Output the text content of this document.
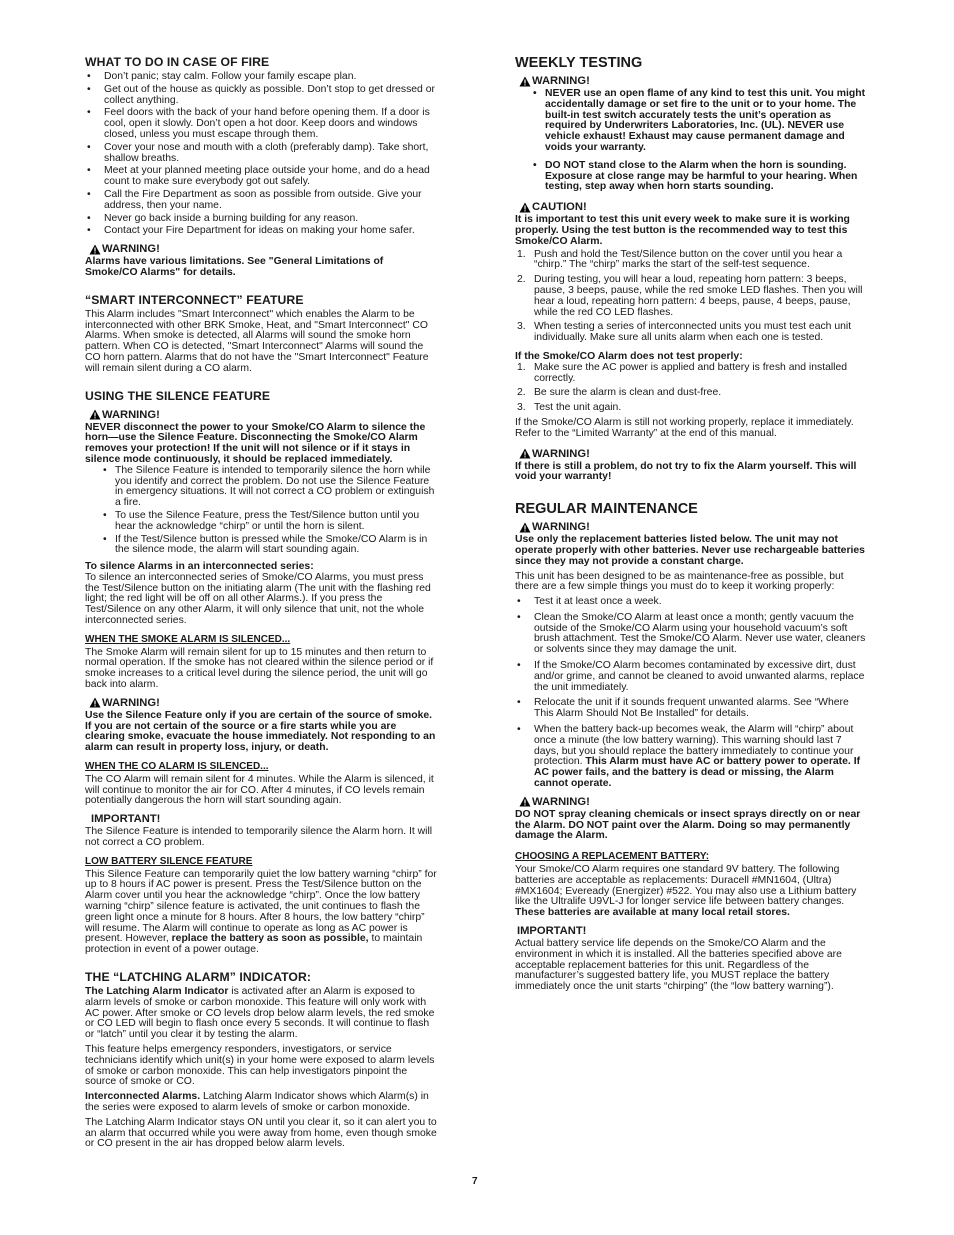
WHAT TO DO IN CASE OF FIRE
• Don’t panic; stay calm. Follow your family escape plan.
• Get out of the house as quickly as possible. Don’t stop to get dressed or collect anything.
• Feel doors with the back of your hand before opening them. If a door is cool, open it slowly. Don’t open a hot door. Keep doors and windows closed, unless you must escape through them.
• Cover your nose and mouth with a cloth (preferably damp). Take short, shallow breaths.
• Meet at your planned meeting place outside your home, and do a head count to make sure everybody got out safely.
• Call the Fire Department as soon as possible from outside. Give your address, then your name.
• Never go back inside a burning building for any reason.
• Contact your Fire Department for ideas on making your home safer.
WARNING!

Alarms have various limitations. See "General Limitations of Smoke/CO Alarms" for details.

“SMART INTERCONNECT” FEATURE

This Alarm includes "Smart Interconnect" which enables the Alarm to be interconnected with other BRK Smoke, Heat, and "Smart Interconnect" CO Alarms. When smoke is detected, all Alarms will sound the smoke horn pattern. When CO is detected, "Smart Interconnect" Alarms will sound the CO horn pattern. Alarms that do not have the "Smart Interconnect" Feature will remain silent during a CO alarm.

USING THE SILENCE FEATURE
WARNING!

NEVER disconnect the power to your Smoke/CO Alarm to silence the horn—use the Silence Feature. Disconnecting the Smoke/CO Alarm removes your protection! If the unit will not silence or if it stays in silence mode continuously, it should be replaced immediately.

• The Silence Feature is intended to temporarily silence the horn while you identify and correct the problem. Do not use the Silence Feature in emergency situations. It will not correct a CO problem or extinguish a fire.
• To use the Silence Feature, press the Test/Silence button until you hear the acknowledge “chirp” or until the horn is silent.
• If the Test/Silence button is pressed while the Smoke/CO Alarm is in the silence mode, the alarm will start sounding again.

To silence Alarms in an interconnected series:

To silence an interconnected series of Smoke/CO Alarms, you must press the Test/Silence button on the initiating alarm (The unit with the flashing red light; the red light will be off on all other Alarms.). If you press the Test/Silence on any other Alarm, it will only silence that unit, not the whole interconnected series.

WHEN THE SMOKE ALARM IS SILENCED...

The Smoke Alarm will remain silent for up to 15 minutes and then return to normal operation. If the smoke has not cleared within the silence period or if smoke increases to a critical level during the silence period, the unit will go back into alarm.

WARNING!

Use the Silence Feature only if you are certain of the source of smoke. If you are not certain of the source or a fire starts while you are clearing smoke, evacuate the house immediately. Not responding to an alarm can result in property loss, injury, or death.

WHEN THE CO ALARM IS SILENCED...

The CO Alarm will remain silent for 4 minutes. While the Alarm is silenced, it will continue to monitor the air for CO. After 4 minutes, if CO levels remain potentially dangerous the horn will start sounding again.

IMPORTANT!

The Silence Feature is intended to temporarily silence the Alarm horn. It will not correct a CO problem.

LOW BATTERY SILENCE FEATURE

This Silence Feature can temporarily quiet the low battery warning “chirp” for up to 8 hours if AC power is present. Press the Test/Silence button on the Alarm cover until you hear the acknowledge “chirp”. Once the low battery warning “chirp” silence feature is activated, the unit continues to flash the green light once a minute for 8 hours. After 8 hours, the low battery “chirp” will resume. The Alarm will continue to operate as long as AC power is present. However, replace the battery as soon as possible, to maintain protection in event of a power outage.

THE “LATCHING ALARM” INDICATOR:

The Latching Alarm Indicator is activated after an Alarm is exposed to alarm levels of smoke or carbon monoxide. This feature will only work with AC power. After smoke or CO levels drop below alarm levels, the red smoke or CO LED will begin to flash once every 5 seconds. It will continue to flash or “latch” until you clear it by testing the alarm.

This feature helps emergency responders, investigators, or service technicians identify which unit(s) in your home were exposed to alarm levels of smoke or carbon monoxide. This can help investigators pinpoint the source of smoke or CO.

Interconnected Alarms. Latching Alarm Indicator shows which Alarm(s) in the series were exposed to alarm levels of smoke or carbon monoxide.

The Latching Alarm Indicator stays ON until you clear it, so it can alert you to an alarm that occurred while you were away from home, even though smoke or CO present in the air has dropped below alarm levels.

WEEKLY TESTING
WARNING!
• NEVER use an open flame of any kind to test this unit. You might accidentally damage or set fire to the unit or to your home. The built-in test switch accurately tests the unit’s operation as required by Underwriters Laboratories, Inc. (UL). NEVER use vehicle exhaust! Exhaust may cause permanent damage and voids your warranty.
• DO NOT stand close to the Alarm when the horn is sounding. Exposure at close range may be harmful to your hearing. When testing, step away when horn starts sounding.
CAUTION!

It is important to test this unit every week to make sure it is working properly. Using the test button is the recommended way to test this Smoke/CO Alarm.

1. Push and hold the Test/Silence button on the cover until you hear a “chirp.” The “chirp” marks the start of the self-test sequence.
2. During testing, you will hear a loud, repeating horn pattern: 3 beeps, pause, 3 beeps, pause, while the red smoke LED flashes. Then you will hear a loud, repeating horn pattern: 4 beeps, pause, 4 beeps, pause, while the red CO LED flashes.
3. When testing a series of interconnected units you must test each unit individually. Make sure all units alarm when each one is tested.

If the Smoke/CO Alarm does not test properly:

1. Make sure the AC power is applied and battery is fresh and installed correctly.
2. Be sure the alarm is clean and dust-free.
3. Test the unit again.

If the Smoke/CO Alarm is still not working properly, replace it immediately. Refer to the “Limited Warranty” at the end of this manual.

WARNING!

If there is still a problem, do not try to fix the Alarm yourself. This will void your warranty!

REGULAR MAINTENANCE
WARNING!

Use only the replacement batteries listed below. The unit may not operate properly with other batteries. Never use rechargeable batteries since they may not provide a constant charge.

This unit has been designed to be as maintenance-free as possible, but there are a few simple things you must do to keep it working properly:

• Test it at least once a week.
• Clean the Smoke/CO Alarm at least once a month; gently vacuum the outside of the Smoke/CO Alarm using your household vacuum’s soft brush attachment. Test the Smoke/CO Alarm. Never use water, cleaners or solvents since they may damage the unit.
• If the Smoke/CO Alarm becomes contaminated by excessive dirt, dust and/or grime, and cannot be cleaned to avoid unwanted alarms, replace the unit immediately.
• Relocate the unit if it sounds frequent unwanted alarms. See “Where This Alarm Should Not Be Installed” for details.
• When the battery back-up becomes weak, the Alarm will “chirp” about once a minute (the low battery warning). This warning should last 7 days, but you should replace the battery immediately to continue your protection. This Alarm must have AC or battery power to operate. If AC power fails, and the battery is dead or missing, the Alarm cannot operate.
WARNING!

DO NOT spray cleaning chemicals or insect sprays directly on or near the Alarm. DO NOT paint over the Alarm. Doing so may permanently damage the Alarm.

CHOOSING A REPLACEMENT BATTERY:

Your Smoke/CO Alarm requires one standard 9V battery. The following batteries are acceptable as replacements: Duracell #MN1604, (Ultra) #MX1604; Eveready (Energizer) #522. You may also use a Lithium battery like the Ultralife U9VL-J for longer service life between battery changes. These batteries are available at many local retail stores.

IMPORTANT!

Actual battery service life depends on the Smoke/CO Alarm and the environment in which it is installed. All the batteries specified above are acceptable replacement batteries for this unit. Regardless of the manufacturer’s suggested battery life, you MUST replace the battery immediately once the unit starts “chirping” (the “low battery warning”).

7
